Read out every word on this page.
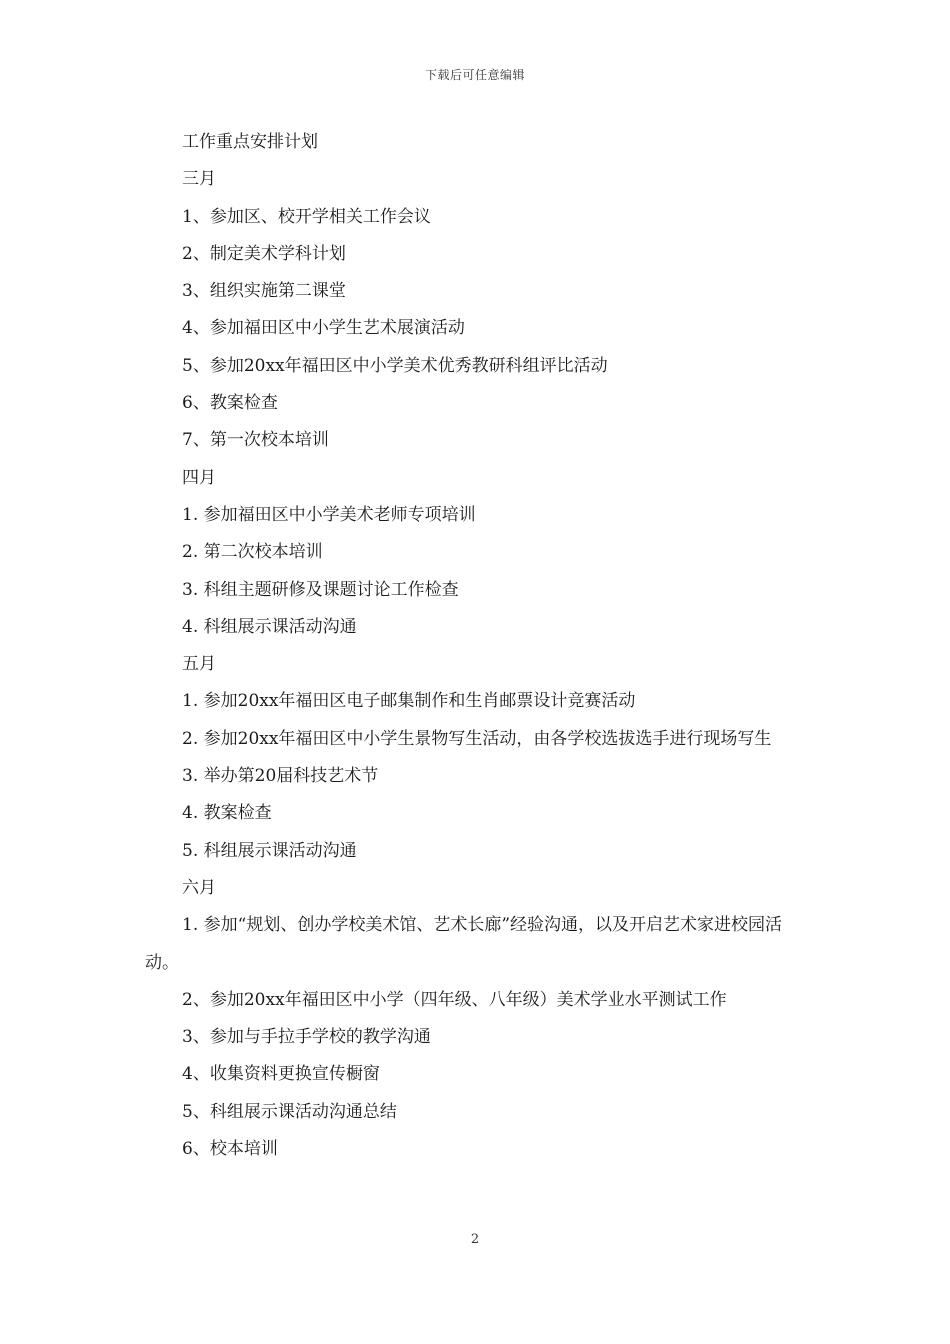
下载后可任意编辑

工作重点安排计划

三月

1、参加区、校开学相关工作会议

2、制定美术学科计划

3、组织实施第二课堂

4、参加福田区中小学生艺术展演活动

5、参加20xx年福田区中小学美术优秀教研科组评比活动

6、教案检查

7、第一次校本培训

四月

1. 参加福田区中小学美术老师专项培训

2. 第二次校本培训

3. 科组主题研修及课题讨论工作检查

4. 科组展示课活动沟通

五月

1. 参加20xx年福田区电子邮集制作和生肖邮票设计竞赛活动

2. 参加20xx年福田区中小学生景物写生活动，由各学校选拔选手进行现场写生

3. 举办第20届科技艺术节

4. 教案检查

5. 科组展示课活动沟通

六月

1. 参加“规划、创办学校美术馆、艺术长廊”经验沟通，以及开启艺术家进校园活动。

2、参加20xx年福田区中小学（四年级、八年级）美术学业水平测试工作

3、参加与手拉手学校的教学沟通

4、收集资料更换宣传橱窗

5、科组展示课活动沟通总结

6、校本培训

2
